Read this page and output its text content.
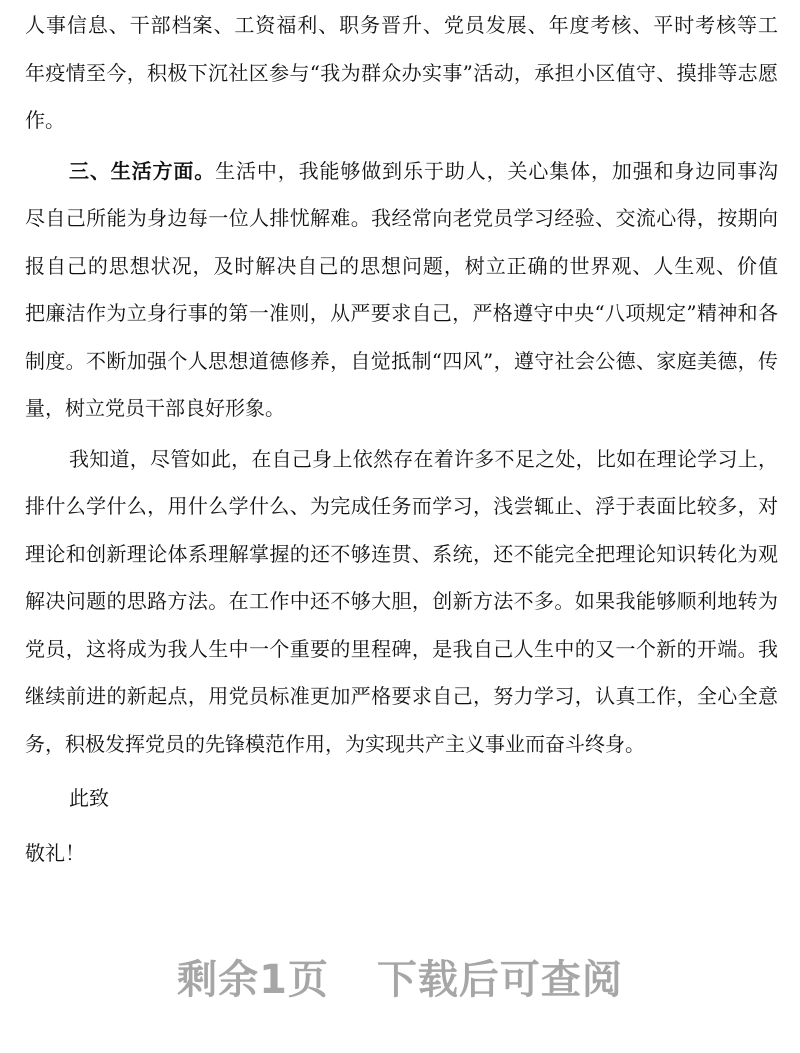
人事信息、干部档案、工资福利、职务晋升、党员发展、年度考核、平时考核等工
年疫情至今，积极下沉社区参与“我为群众办实事”活动，承担小区值守、摸排等志愿
作。
三、生活方面。生活中，我能够做到乐于助人，关心集体，加强和身边同事沟
尽自己所能为身边每一位人排忧解难。我经常向老党员学习经验、交流心得，按期向
报自己的思想状况，及时解决自己的思想问题，树立正确的世界观、人生观、价值
把廉洁作为立身行事的第一准则，从严要求自己，严格遵守中央“八项规定”精神和各
制度。不断加强个人思想道德修养，自觉抵制“四风”，遵守社会公德、家庭美德，传
量，树立党员干部良好形象。
我知道，尽管如此，在自己身上依然存在着许多不足之处，比如在理论学习上，
排什么学什么，用什么学什么、为完成任务而学习，浅尝辄止、浮于表面比较多，对
理论和创新理论体系理解掌握的还不够连贯、系统，还不能完全把理论知识转化为观
解决问题的思路方法。在工作中还不够大胆，创新方法不多。如果我能够顺利地转为
党员，这将成为我人生中一个重要的里程碑，是我自己人生中的又一个新的开端。我
继续前进的新起点，用党员标准更加严格要求自己，努力学习，认真工作，全心全意
务，积极发挥党员的先锋模范作用，为实现共产主义事业而奋斗终身。
此致
敬礼！
剩余1页 下载后可查阅
